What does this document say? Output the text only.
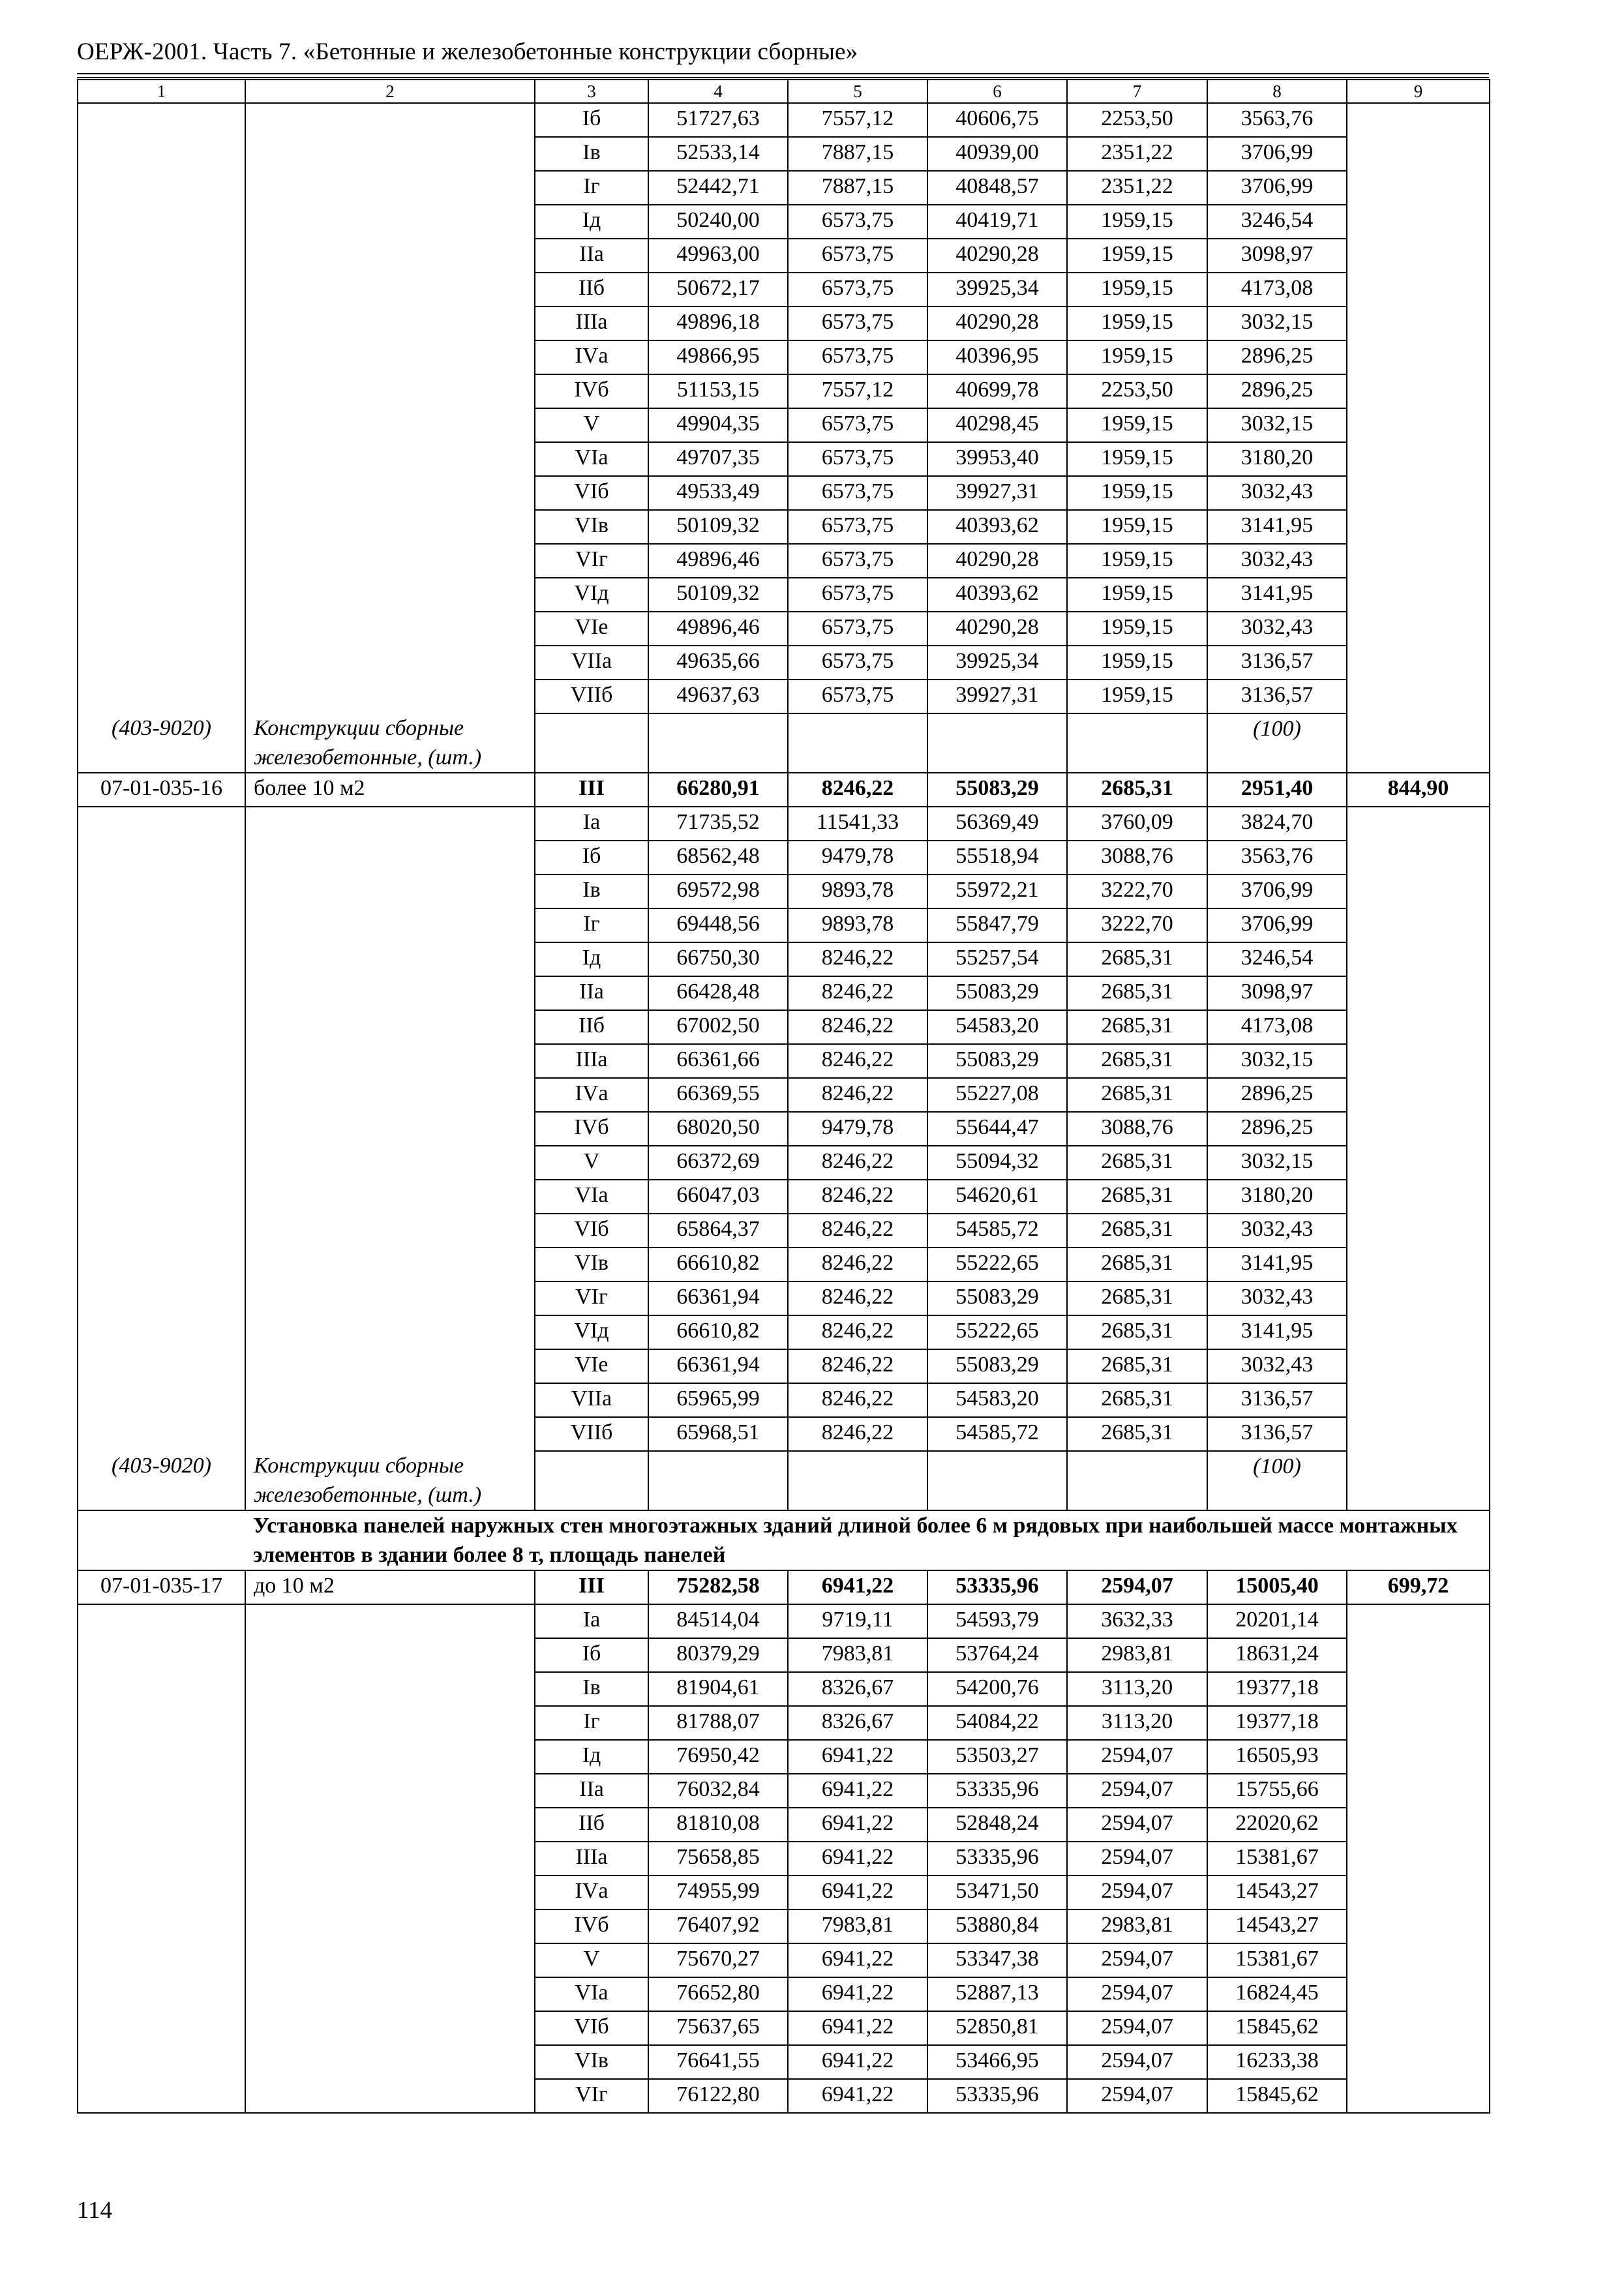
ОЕРЖ-2001. Часть 7. «Бетонные и железобетонные конструкции сборные»
1	2	3	4	5	6	7	8	9
		Iб	51727,63	7557,12	40606,75	2253,50	3563,76	
		Iв	52533,14	7887,15	40939,00	2351,22	3706,99	
		Iг	52442,71	7887,15	40848,57	2351,22	3706,99	
		Iд	50240,00	6573,75	40419,71	1959,15	3246,54	
		IIа	49963,00	6573,75	40290,28	1959,15	3098,97	
		IIб	50672,17	6573,75	39925,34	1959,15	4173,08	
		IIIа	49896,18	6573,75	40290,28	1959,15	3032,15	
		IVа	49866,95	6573,75	40396,95	1959,15	2896,25	
		IVб	51153,15	7557,12	40699,78	2253,50	2896,25	
		V	49904,35	6573,75	40298,45	1959,15	3032,15	
		VIа	49707,35	6573,75	39953,40	1959,15	3180,20	
		VIб	49533,49	6573,75	39927,31	1959,15	3032,43	
		VIв	50109,32	6573,75	40393,62	1959,15	3141,95	
		VIг	49896,46	6573,75	40290,28	1959,15	3032,43	
		VIд	50109,32	6573,75	40393,62	1959,15	3141,95	
		VIе	49896,46	6573,75	40290,28	1959,15	3032,43	
		VIIа	49635,66	6573,75	39925,34	1959,15	3136,57	
		VIIб	49637,63	6573,75	39927,31	1959,15	3136,57	
(403-9020)	Конструкции сборные железобетонные, (шт.)						(100)	
07-01-035-16	более 10 м2	III	66280,91	8246,22	55083,29	2685,31	2951,40	844,90
		Iа	71735,52	11541,33	56369,49	3760,09	3824,70	
		Iб	68562,48	9479,78	55518,94	3088,76	3563,76	
		Iв	69572,98	9893,78	55972,21	3222,70	3706,99	
		Iг	69448,56	9893,78	55847,79	3222,70	3706,99	
		Iд	66750,30	8246,22	55257,54	2685,31	3246,54	
		IIа	66428,48	8246,22	55083,29	2685,31	3098,97	
		IIб	67002,50	8246,22	54583,20	2685,31	4173,08	
		IIIа	66361,66	8246,22	55083,29	2685,31	3032,15	
		IVа	66369,55	8246,22	55227,08	2685,31	2896,25	
		IVб	68020,50	9479,78	55644,47	3088,76	2896,25	
		V	66372,69	8246,22	55094,32	2685,31	3032,15	
		VIа	66047,03	8246,22	54620,61	2685,31	3180,20	
		VIб	65864,37	8246,22	54585,72	2685,31	3032,43	
		VIв	66610,82	8246,22	55222,65	2685,31	3141,95	
		VIг	66361,94	8246,22	55083,29	2685,31	3032,43	
		VIд	66610,82	8246,22	55222,65	2685,31	3141,95	
		VIе	66361,94	8246,22	55083,29	2685,31	3032,43	
		VIIа	65965,99	8246,22	54583,20	2685,31	3136,57	
		VIIб	65968,51	8246,22	54585,72	2685,31	3136,57	
(403-9020)	Конструкции сборные железобетонные, (шт.)						(100)	
	Установка панелей наружных стен многоэтажных зданий длиной более 6 м рядовых при наибольшей массе монтажных элементов в здании более 8 т, площадь панелей							
07-01-035-17	до 10 м2	III	75282,58	6941,22	53335,96	2594,07	15005,40	699,72
		Iа	84514,04	9719,11	54593,79	3632,33	20201,14	
		Iб	80379,29	7983,81	53764,24	2983,81	18631,24	
		Iв	81904,61	8326,67	54200,76	3113,20	19377,18	
		Iг	81788,07	8326,67	54084,22	3113,20	19377,18	
		Iд	76950,42	6941,22	53503,27	2594,07	16505,93	
		IIа	76032,84	6941,22	53335,96	2594,07	15755,66	
		IIб	81810,08	6941,22	52848,24	2594,07	22020,62	
		IIIа	75658,85	6941,22	53335,96	2594,07	15381,67	
		IVа	74955,99	6941,22	53471,50	2594,07	14543,27	
		IVб	76407,92	7983,81	53880,84	2983,81	14543,27	
		V	75670,27	6941,22	53347,38	2594,07	15381,67	
		VIа	76652,80	6941,22	52887,13	2594,07	16824,45	
		VIб	75637,65	6941,22	52850,81	2594,07	15845,62	
		VIв	76641,55	6941,22	53466,95	2594,07	16233,38	
		VIг	76122,80	6941,22	53335,96	2594,07	15845,62	
114
